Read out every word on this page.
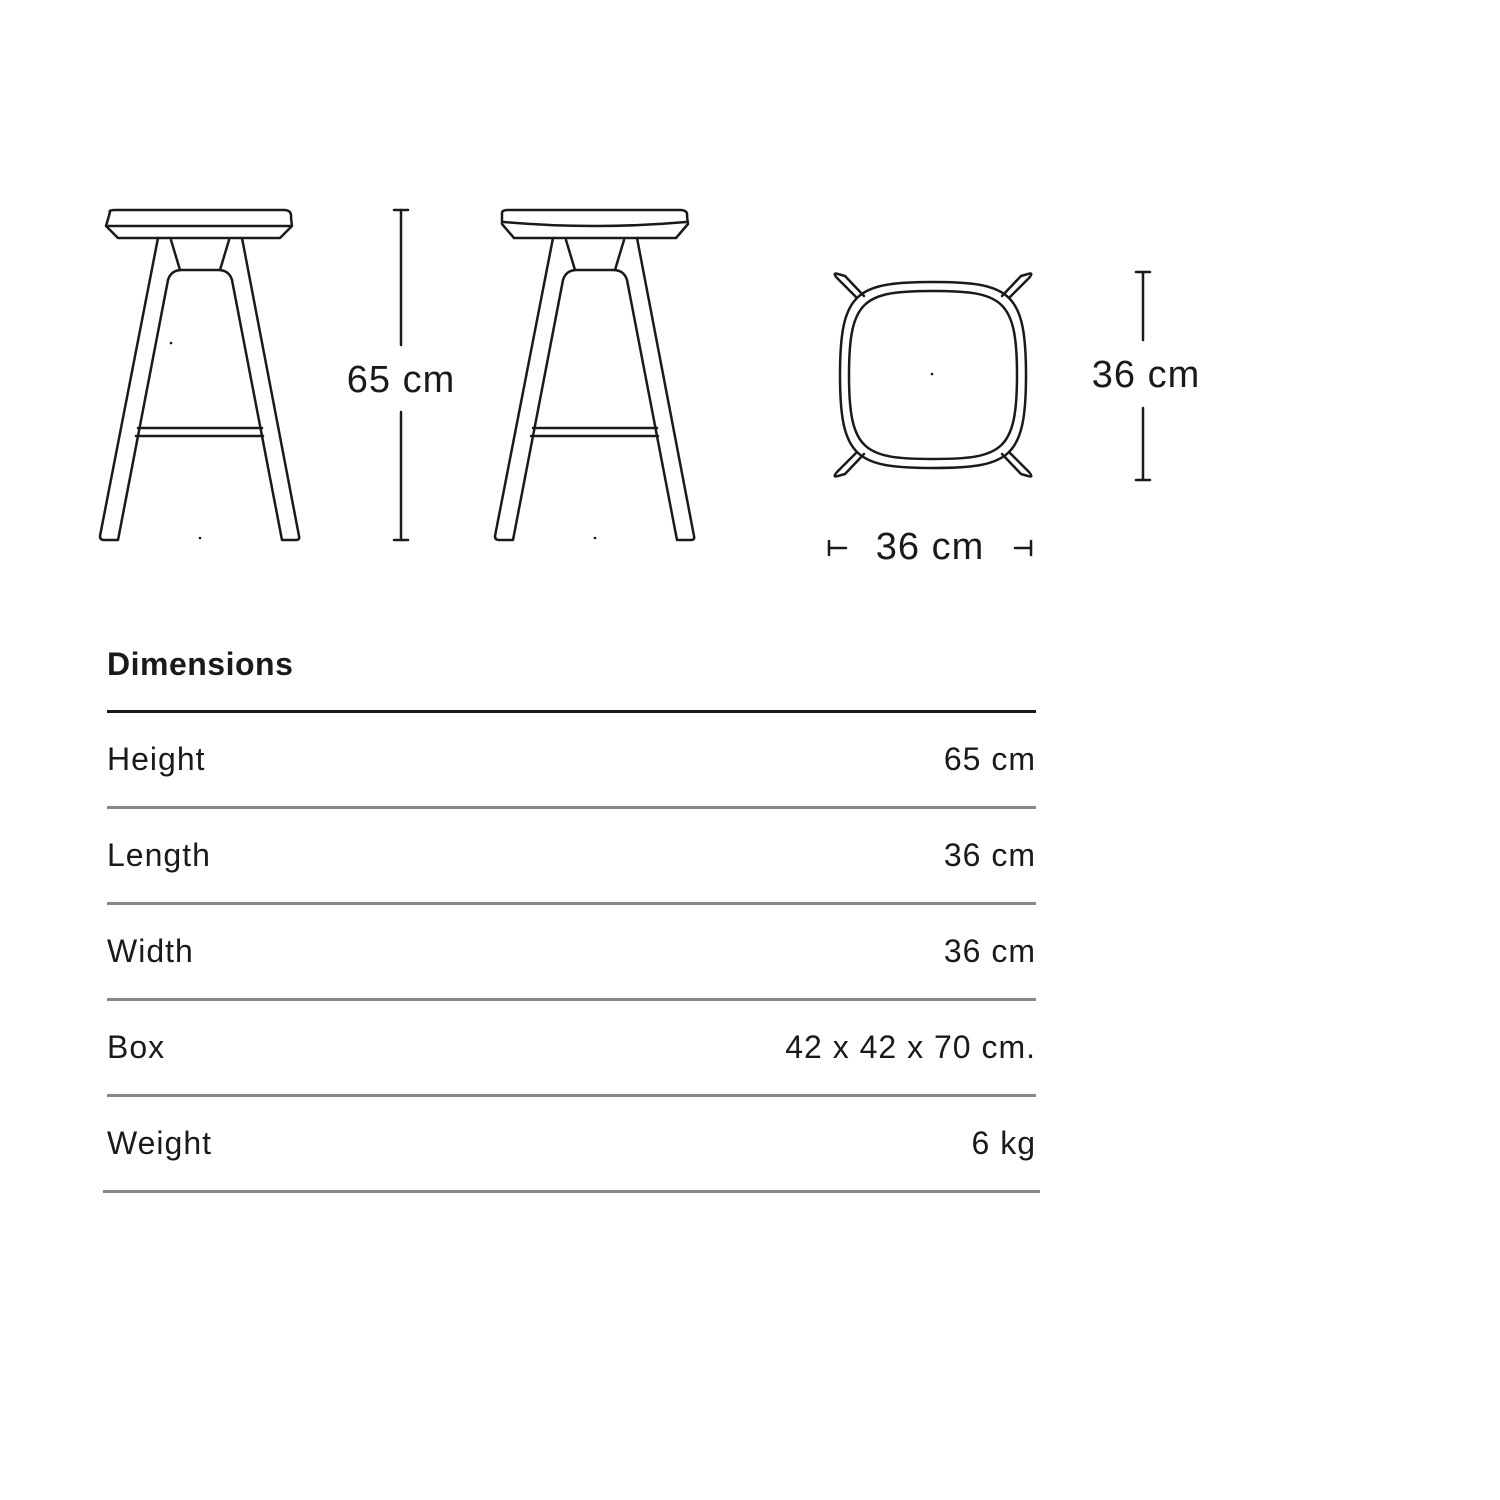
65 cm	36 cm
36 cm
Dimensions
Height	65 cm
Length	36 cm
Width	36 cm
Box	42 x 42 x 70 cm.
Weight	6 kg
